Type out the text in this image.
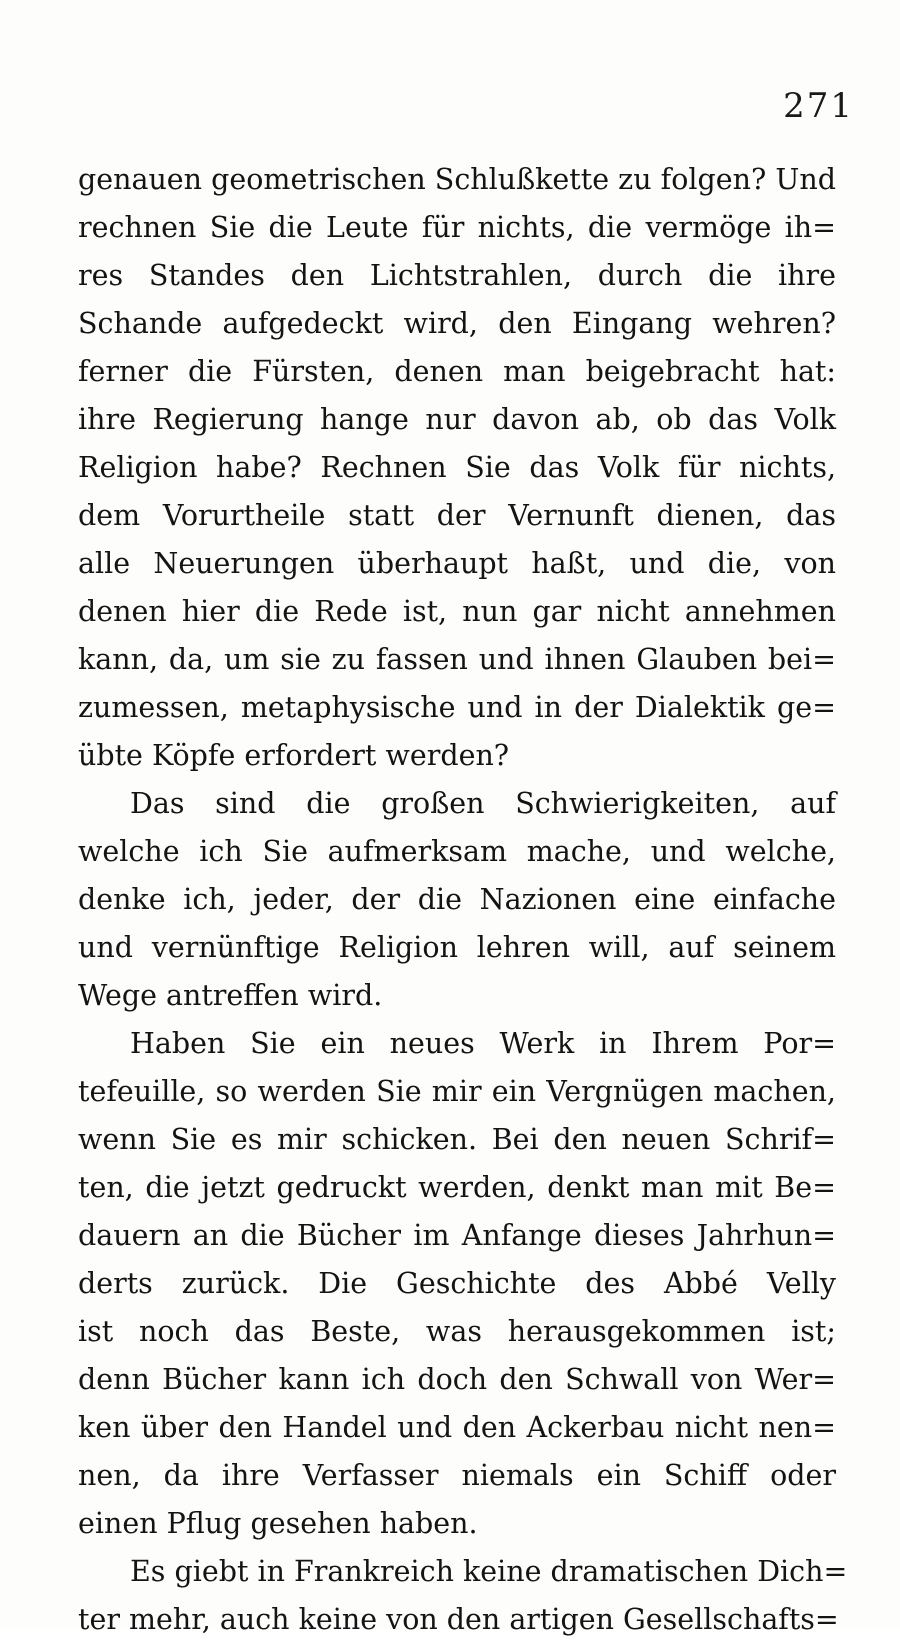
271
genauen geometrischen Schlußkette zu folgen? Und
rechnen Sie die Leute für nichts, die vermöge ih=
res Standes den Lichtstrahlen, durch die ihre
Schande aufgedeckt wird, den Eingang wehren?
ferner die Fürsten, denen man beigebracht hat:
ihre Regierung hange nur davon ab, ob das Volk
Religion habe? Rechnen Sie das Volk für nichts,
dem Vorurtheile statt der Vernunft dienen, das
alle Neuerungen überhaupt haßt, und die, von
denen hier die Rede ist, nun gar nicht annehmen
kann, da, um sie zu fassen und ihnen Glauben bei=
zumessen, metaphysische und in der Dialektik ge=
übte Köpfe erfordert werden?
Das sind die großen Schwierigkeiten, auf
welche ich Sie aufmerksam mache, und welche,
denke ich, jeder, der die Nazionen eine einfache
und vernünftige Religion lehren will, auf seinem
Wege antreffen wird.
Haben Sie ein neues Werk in Ihrem Por=
tefeuille, so werden Sie mir ein Vergnügen machen,
wenn Sie es mir schicken. Bei den neuen Schrif=
ten, die jetzt gedruckt werden, denkt man mit Be=
dauern an die Bücher im Anfange dieses Jahrhun=
derts zurück. Die Geschichte des Abbé Velly
ist noch das Beste, was herausgekommen ist;
denn Bücher kann ich doch den Schwall von Wer=
ken über den Handel und den Ackerbau nicht nen=
nen, da ihre Verfasser niemals ein Schiff oder
einen Pflug gesehen haben.
Es giebt in Frankreich keine dramatischen Dich=
ter mehr, auch keine von den artigen Gesellschafts=
